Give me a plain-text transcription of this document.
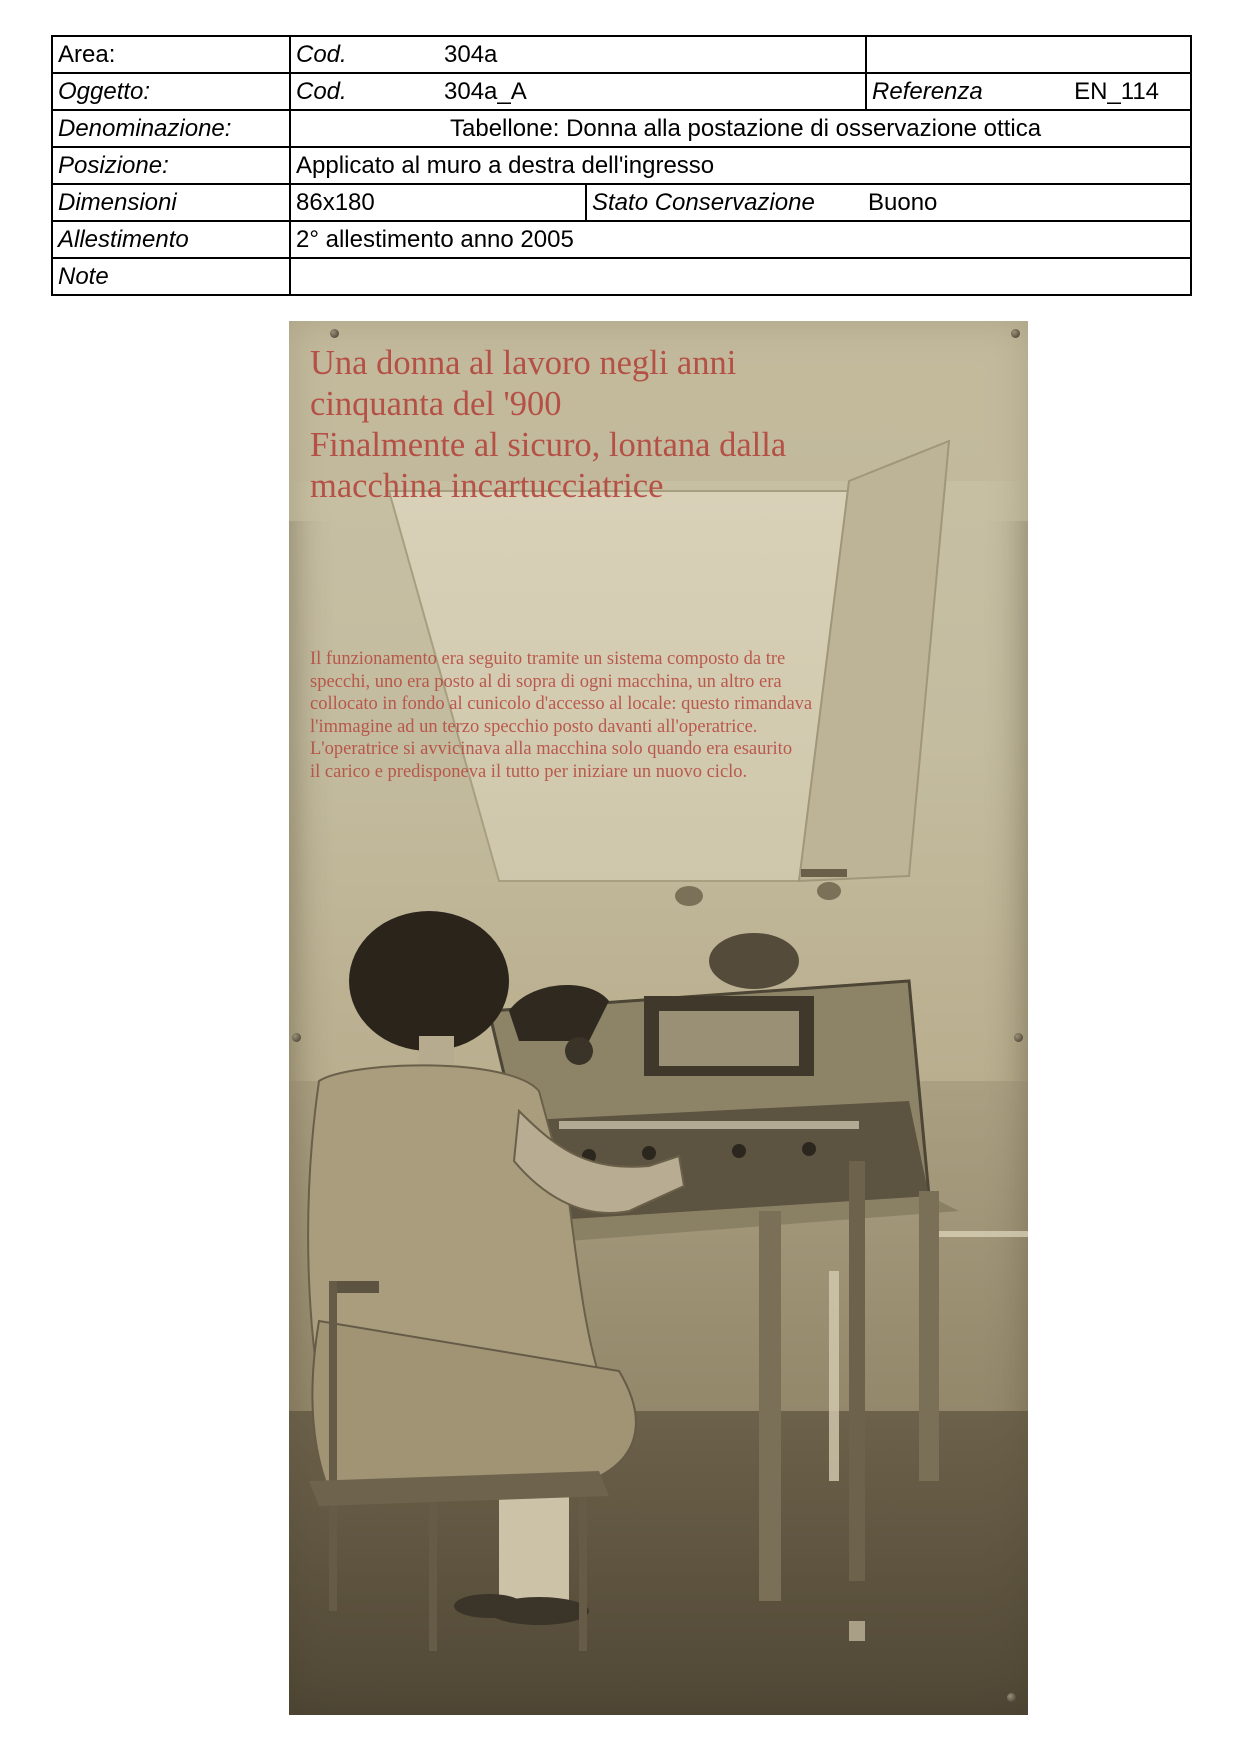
Area:	Cod. 304a		

Oggetto:	Cod. 304a_A		Referenza EN_114

Denominazione:	Tabellone: Donna alla postazione di osservazione ottica		
Posizione:	Applicato al muro a destra dell'ingresso		
Dimensioni	86x180	Stato Conservazione Buono	
Allestimento	2° allestimento anno 2005		
Note			
Una donna al lavoro negli anni
cinquanta del '900
Finalmente al sicuro, lontana dalla
macchina incartucciatrice

Il funzionamento era seguito tramite un sistema composto da tre
specchi, uno era posto al di sopra di ogni macchina, un altro era
collocato in fondo al cunicolo d'accesso al locale: questo rimandava
l'immagine ad un terzo specchio posto davanti all'operatrice.
L'operatrice si avvicinava alla macchina solo quando era esaurito
il carico e predisponeva il tutto per iniziare un nuovo ciclo.
